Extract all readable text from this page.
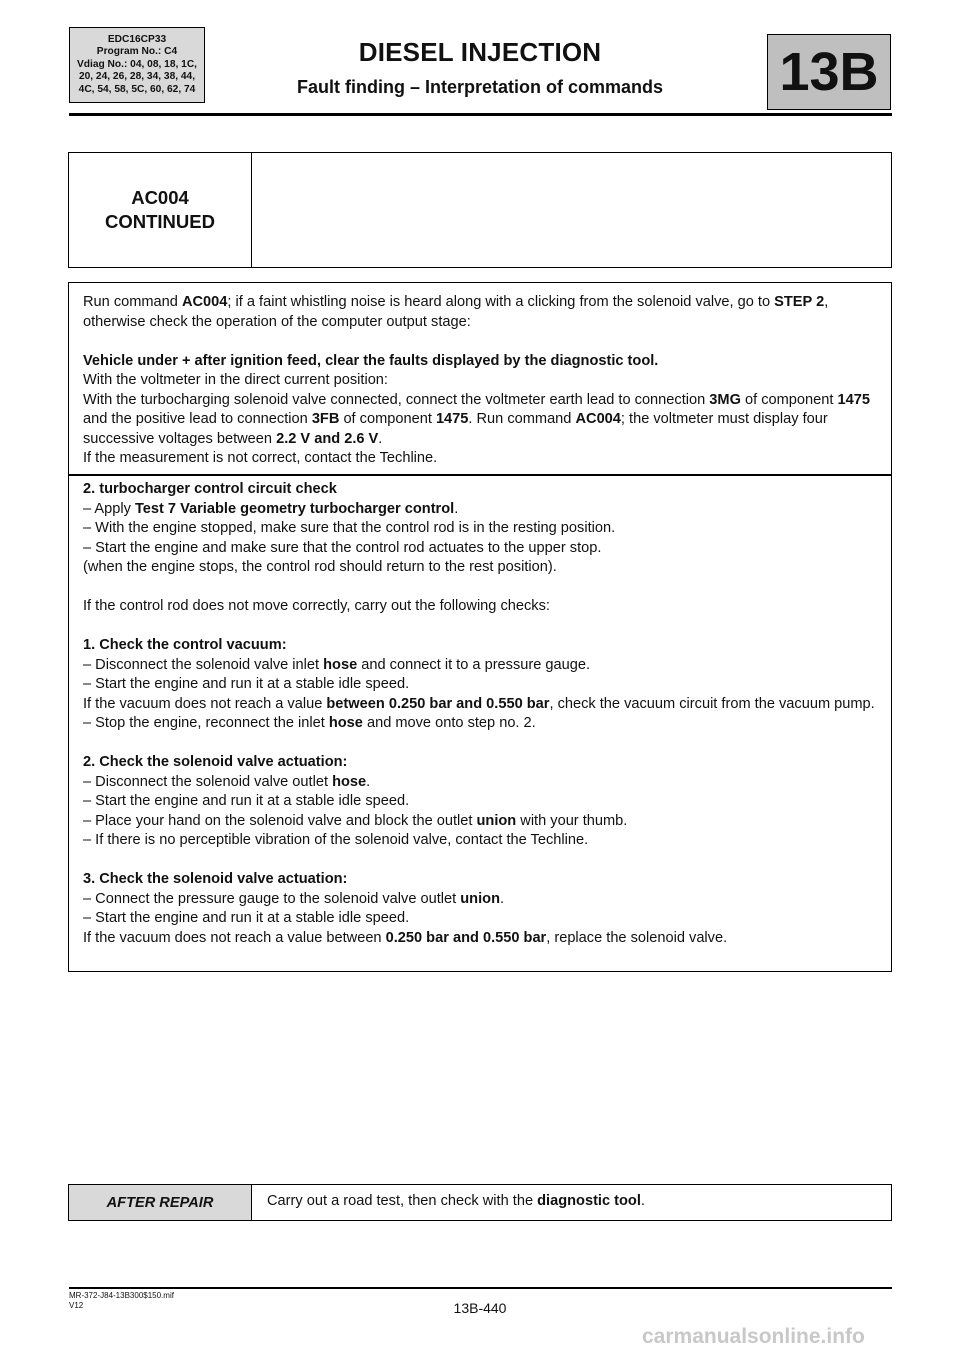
EDC16CP33
Program No.: C4
Vdiag No.: 04, 08, 18, 1C,
20, 24, 26, 28, 34, 38, 44,
4C, 54, 58, 5C, 60, 62, 74
DIESEL INJECTION
Fault finding – Interpretation of commands	13B
AC004
CONTINUED

Run command AC004; if a faint whistling noise is heard along with a clicking from the solenoid valve, go to STEP 2, otherwise check the operation of the computer output stage:

Vehicle under + after ignition feed, clear the faults displayed by the diagnostic tool.

With the voltmeter in the direct current position:

With the turbocharging solenoid valve connected, connect the voltmeter earth lead to connection 3MG of component 1475 and the positive lead to connection 3FB of component 1475. Run command AC004; the voltmeter must display four successive voltages between 2.2 V and 2.6 V.

If the measurement is not correct, contact the Techline.

2. turbocharger control circuit check

– Apply Test 7 Variable geometry turbocharger control.

– With the engine stopped, make sure that the control rod is in the resting position.

– Start the engine and make sure that the control rod actuates to the upper stop.

(when the engine stops, the control rod should return to the rest position).

If the control rod does not move correctly, carry out the following checks:

1. Check the control vacuum:

– Disconnect the solenoid valve inlet hose and connect it to a pressure gauge.

– Start the engine and run it at a stable idle speed.

If the vacuum does not reach a value between 0.250 bar and 0.550 bar, check the vacuum circuit from the vacuum pump.

– Stop the engine, reconnect the inlet hose and move onto step no. 2.

2. Check the solenoid valve actuation:

– Disconnect the solenoid valve outlet hose.

– Start the engine and run it at a stable idle speed.

– Place your hand on the solenoid valve and block the outlet union with your thumb.

– If there is no perceptible vibration of the solenoid valve, contact the Techline.

3. Check the solenoid valve actuation:

– Connect the pressure gauge to the solenoid valve outlet union.

– Start the engine and run it at a stable idle speed.

If the vacuum does not reach a value between 0.250 bar and 0.550 bar, replace the solenoid valve.

AFTER REPAIR	Carry out a road test, then check with the diagnostic tool.
MR-372-J84-13B300$150.mif
V12	13B-440
carmanualsonline.info
